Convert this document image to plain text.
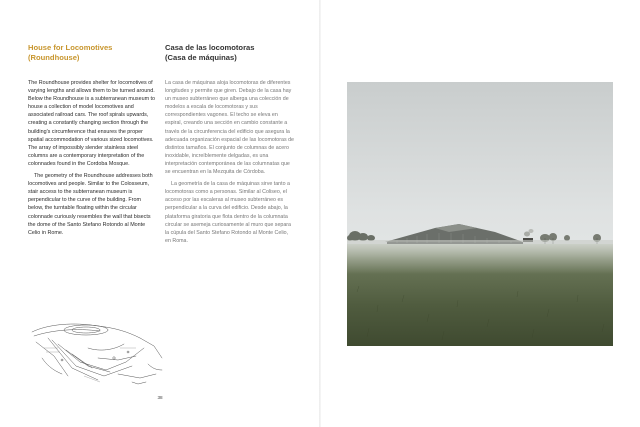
House for Locomotives
(Roundhouse)

The Roundhouse provides shelter for locomotives of varying lengths and allows them to be turned around. Below the Roundhouse is a subterranean museum to house a collection of model locomotives and associated railroad cars. The roof spirals upwards, creating a constantly changing section through the building's circumference that ensures the proper spatial accommodation of various sized locomotives. The array of impossibly slender stainless steel columns are a contemporary interpretation of the colonnades found in the Cordoba Mosque.

The geometry of the Roundhouse addresses both locomotives and people. Similar to the Colosseum, stair access to the subterranean museum is perpendicular to the curve of the building. From below, the turntable floating within the circular colonnade curiously resembles the wall that bisects the dome of the Santo Stefano Rotondo al Monte Celio in Rome.

Casa de las locomotoras
(Casa de máquinas)

La casa de máquinas aloja locomotoras de diferentes longitudes y permite que giren. Debajo de la casa hay un museo subterráneo que alberga una colección de modelos a escala de locomotoras y sus correspondientes vagones. El techo se eleva en espiral, creando una sección en cambio constante a través de la circunferencia del edificio que asegura la adecuada organización espacial de las locomotoras de distintos tamaños. El conjunto de columnas de acero inoxidable, increíblemente delgadas, es una interpretación contemporánea de las columnatas que se encuentran en la Mezquita de Córdoba.

La geometría de la casa de máquinas sirve tanto a locomotoras como a personas. Similar al Coliseo, el acceso por las escaleras al museo subterráneo es perpendicular a la curva del edificio. Desde abajo, la plataforma giratoria que flota dentro de la columnata circular se asemeja curiosamente al muro que separa la cúpula del Santo Stefano Rotondo al Monte Celio, en Roma.

38
